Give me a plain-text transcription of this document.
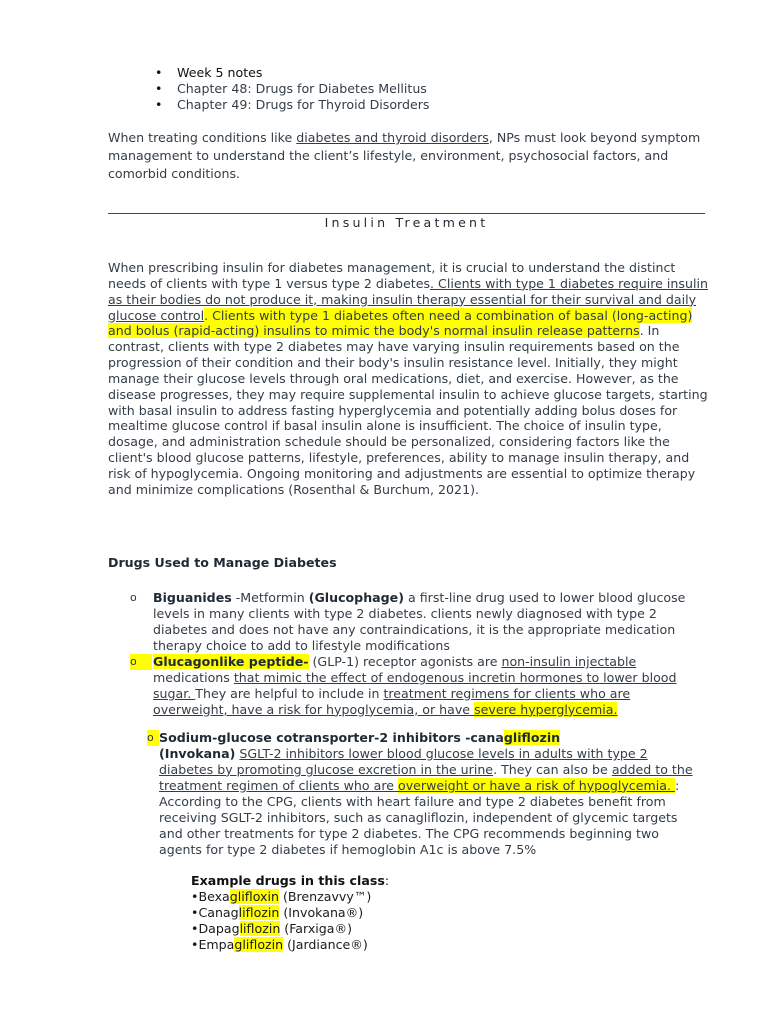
• Week 5 notes
• Chapter 48: Drugs for Diabetes Mellitus
• Chapter 49: Drugs for Thyroid Disorders

When treating conditions like diabetes and thyroid disorders, NPs must look beyond symptom management to understand the client’s lifestyle, environment, psychosocial factors, and comorbid conditions.

Insulin Treatment

When prescribing insulin for diabetes management, it is crucial to understand the distinct needs of clients with type 1 versus type 2 diabetes. Clients with type 1 diabetes require insulin as their bodies do not produce it, making insulin therapy essential for their survival and daily glucose control. Clients with type 1 diabetes often need a combination of basal (long-acting) and bolus (rapid-acting) insulins to mimic the body's normal insulin release patterns. In contrast, clients with type 2 diabetes may have varying insulin requirements based on the progression of their condition and their body's insulin resistance level. Initially, they might manage their glucose levels through oral medications, diet, and exercise. However, as the disease progresses, they may require supplemental insulin to achieve glucose targets, starting with basal insulin to address fasting hyperglycemia and potentially adding bolus doses for mealtime glucose control if basal insulin alone is insufficient. The choice of insulin type, dosage, and administration schedule should be personalized, considering factors like the client's blood glucose patterns, lifestyle, preferences, ability to manage insulin therapy, and risk of hypoglycemia. Ongoing monitoring and adjustments are essential to optimize therapy and minimize complications (Rosenthal & Burchum, 2021).

Drugs Used to Manage Diabetes
o Biguanides -Metformin (Glucophage) a first-line drug used to lower blood glucose levels in many clients with type 2 diabetes. clients newly diagnosed with type 2 diabetes and does not have any contraindications, it is the appropriate medication therapy choice to add to lifestyle modifications

o	Glucagonlike peptide- (GLP-1) receptor agonists are non-insulin injectable medications that mimic the effect of endogenous incretin hormones to lower blood sugar. They are helpful to include in treatment regimens for clients who are overweight, have a risk for hypoglycemia, or have severe hyperglycemia.

o Sodium-glucose cotransporter-2 inhibitors -canagliflozin
(Invokana) SGLT-2 inhibitors lower blood glucose levels in adults with type 2 diabetes by promoting glucose excretion in the urine. They can also be added to the treatment regimen of clients who are overweight or have a risk of hypoglycemia. : According to the CPG, clients with heart failure and type 2 diabetes benefit from receiving SGLT-2 inhibitors, such as canagliflozin, independent of glycemic targets and other treatments for type 2 diabetes. The CPG recommends beginning two agents for type 2 diabetes if hemoglobin A1c is above 7.5%

Example drugs in this class:
• Bexaglifloxin (Brenzavvy™)
• Canagliflozin (Invokana®)
• Dapagliflozin (Farxiga®)
• Empagliflozin (Jardiance®)
